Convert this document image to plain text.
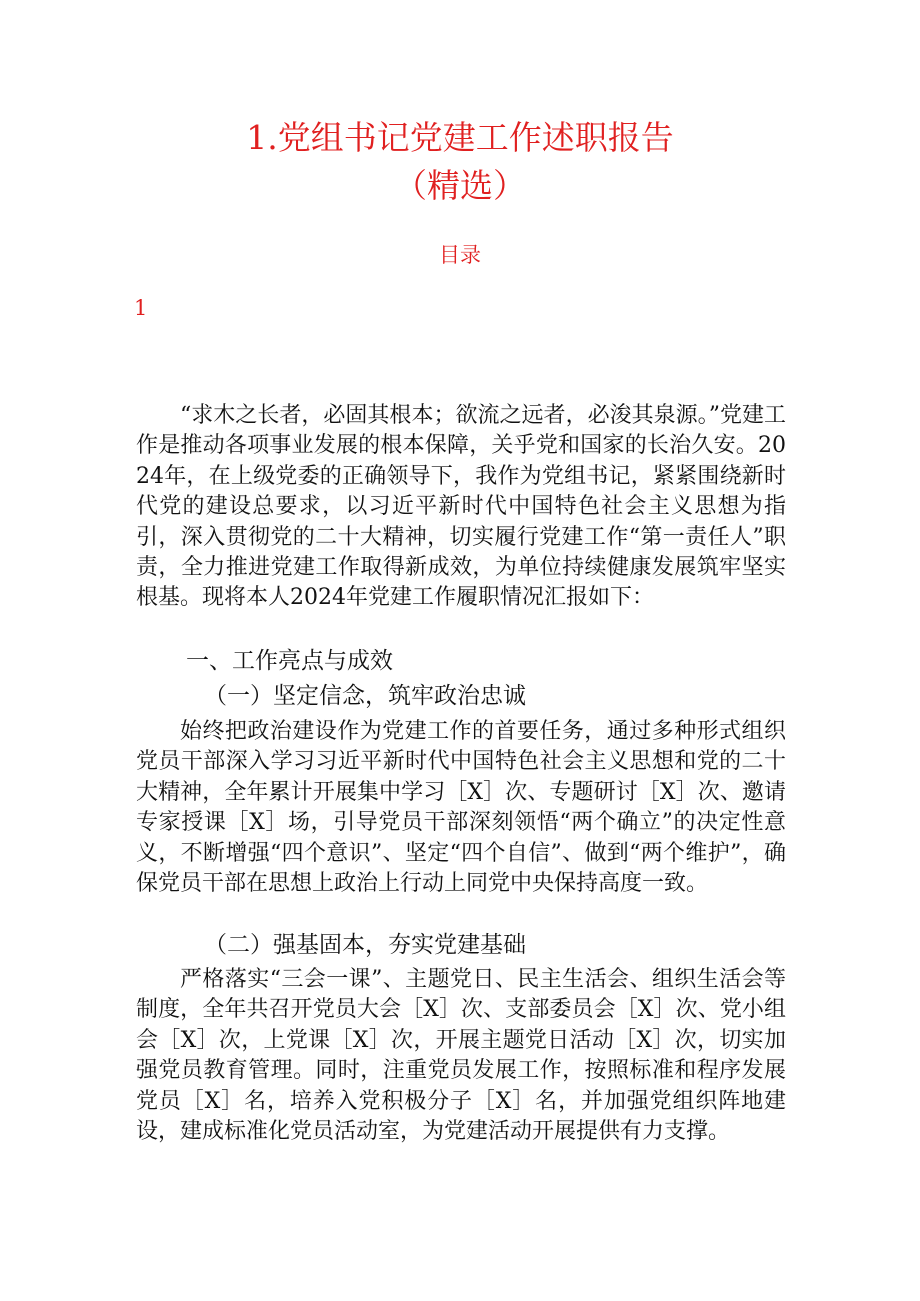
1.党组书记党建工作述职报告
（精选）
目录
1
“求木之长者，必固其根本；欲流之远者，必浚其泉源。”党建工作是推动各项事业发展的根本保障，关乎党和国家的长治久安。2024年，在上级党委的正确领导下，我作为党组书记，紧紧围绕新时代党的建设总要求，以习近平新时代中国特色社会主义思想为指引，深入贯彻党的二十大精神，切实履行党建工作“第一责任人”职责，全力推进党建工作取得新成效，为单位持续健康发展筑牢坚实根基。现将本人2024年党建工作履职情况汇报如下：
一、工作亮点与成效
（一）坚定信念，筑牢政治忠诚
始终把政治建设作为党建工作的首要任务，通过多种形式组织党员干部深入学习习近平新时代中国特色社会主义思想和党的二十大精神，全年累计开展集中学习［X］次、专题研讨［X］次、邀请专家授课［X］场，引导党员干部深刻领悟“两个确立”的决定性意义，不断增强“四个意识”、坚定“四个自信”、做到“两个维护”，确保党员干部在思想上政治上行动上同党中央保持高度一致。
（二）强基固本，夯实党建基础
严格落实“三会一课”、主题党日、民主生活会、组织生活会等制度，全年共召开党员大会［X］次、支部委员会［X］次、党小组会［X］次，上党课［X］次，开展主题党日活动［X］次，切实加强党员教育管理。同时，注重党员发展工作，按照标准和程序发展党员［X］名，培养入党积极分子［X］名，并加强党组织阵地建设，建成标准化党员活动室，为党建活动开展提供有力支撑。
